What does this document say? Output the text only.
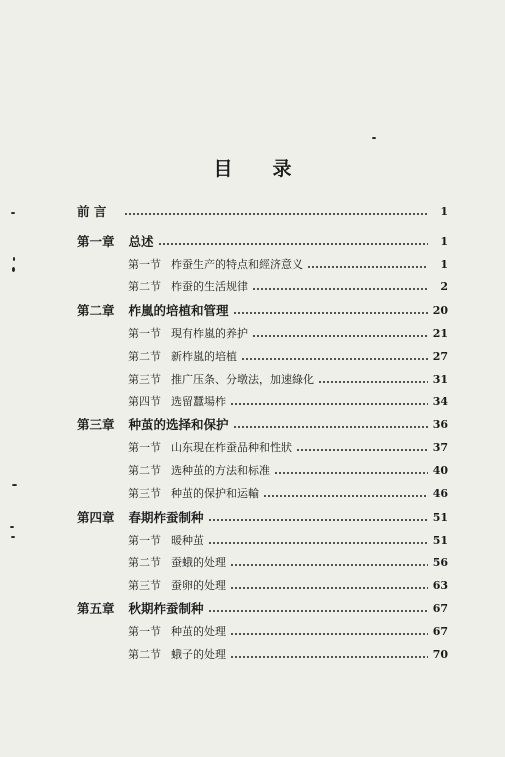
目 录
前 言	1
第一章 总述	1
第一节 柞蚕生产的特点和經济意义	1
第二节 柞蚕的生活规律	2
第二章 柞嵐的培植和管理	20
第一节 現有柞嵐的养护	21
第二节 新柞嵐的培植	27
第三节 推广压条、分墩法，加速綠化	31
第四节 选留蠶場柞	34
第三章 种茧的选择和保护	36
第一节 山东現在柞蚕品种和性狀	37
第二节 选种茧的方法和标准	40
第三节 种茧的保护和运輸	46
第四章 春期柞蚕制种	51
第一节 暖种茧	51
第二节 蚕蛾的处理	56
第三节 蚕卵的处理	63
第五章 秋期柞蚕制种	67
第一节 种茧的处理	67
第二节 蛾子的处理	70
